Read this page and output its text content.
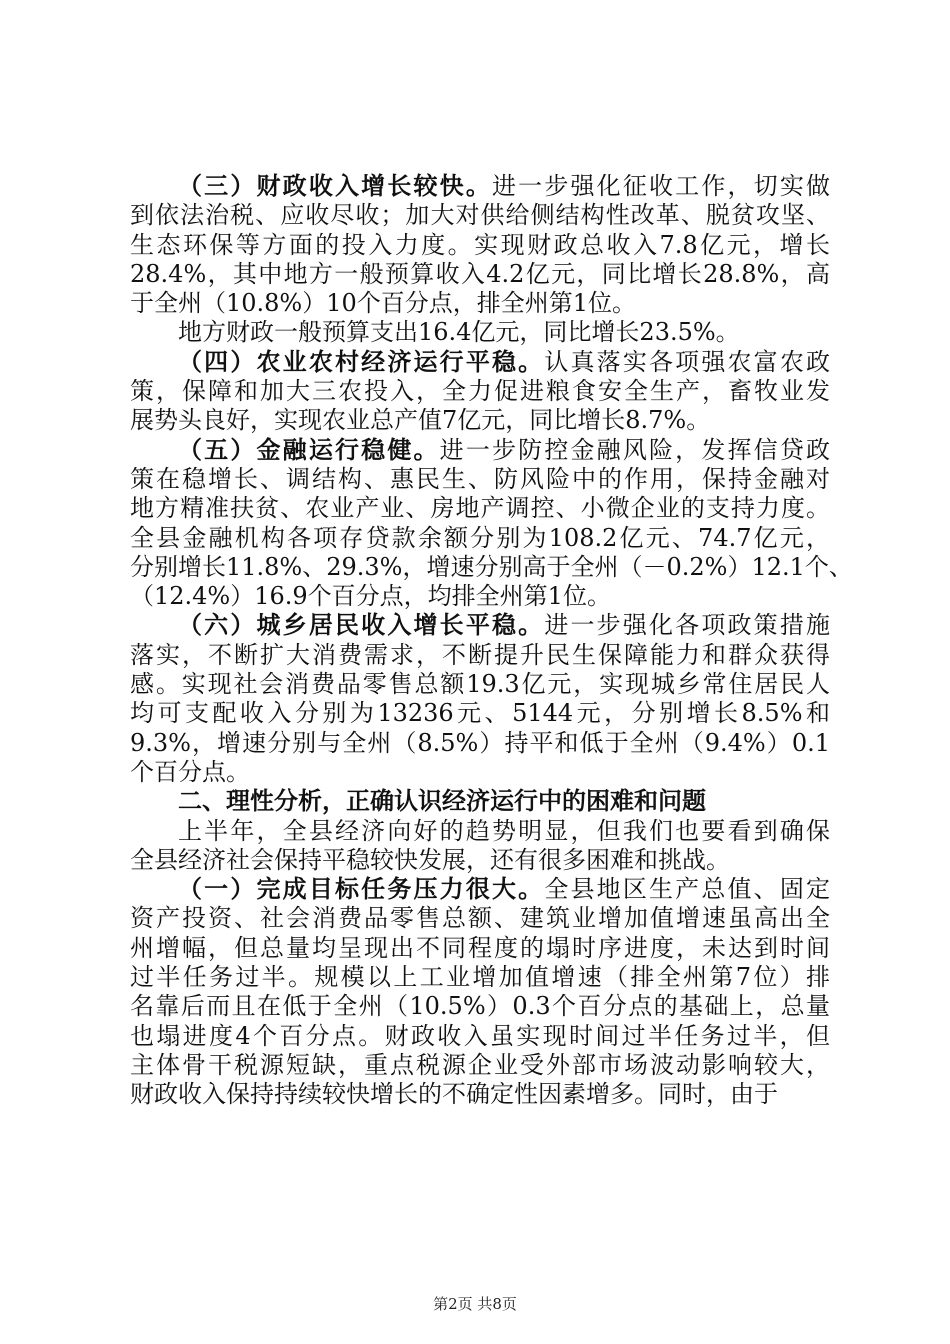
（三）财政收入增长较快。进一步强化征收工作，切实做
到依法治税、应收尽收；加大对供给侧结构性改革、脱贫攻坚、
生态环保等方面的投入力度。实现财政总收入7.8亿元，增长
28.4%，其中地方一般预算收入4.2亿元，同比增长28.8%，高
于全州（10.8%）10个百分点，排全州第1位。
地方财政一般预算支出16.4亿元，同比增长23.5%。
（四）农业农村经济运行平稳。认真落实各项强农富农政
策，保障和加大三农投入，全力促进粮食安全生产，畜牧业发
展势头良好，实现农业总产值7亿元，同比增长8.7%。
（五）金融运行稳健。进一步防控金融风险，发挥信贷政
策在稳增长、调结构、惠民生、防风险中的作用，保持金融对
地方精准扶贫、农业产业、房地产调控、小微企业的支持力度。
全县金融机构各项存贷款余额分别为108.2亿元、74.7亿元，
分别增长11.8%、29.3%，增速分别高于全州（－0.2%）12.1个、
（12.4%）16.9个百分点，均排全州第1位。
（六）城乡居民收入增长平稳。进一步强化各项政策措施
落实，不断扩大消费需求，不断提升民生保障能力和群众获得
感。实现社会消费品零售总额19.3亿元，实现城乡常住居民人
均可支配收入分别为13236元、5144元，分别增长8.5%和
9.3%，增速分别与全州（8.5%）持平和低于全州（9.4%）0.1
个百分点。
二、理性分析，正确认识经济运行中的困难和问题
上半年，全县经济向好的趋势明显，但我们也要看到确保
全县经济社会保持平稳较快发展，还有很多困难和挑战。
（一）完成目标任务压力很大。全县地区生产总值、固定
资产投资、社会消费品零售总额、建筑业增加值增速虽高出全
州增幅，但总量均呈现出不同程度的塌时序进度，未达到时间
过半任务过半。规模以上工业增加值增速（排全州第7位）排
名靠后而且在低于全州（10.5%）0.3个百分点的基础上，总量
也塌进度4个百分点。财政收入虽实现时间过半任务过半，但
主体骨干税源短缺，重点税源企业受外部市场波动影响较大，
财政收入保持持续较快增长的不确定性因素增多。同时，由于
第2页 共8页
